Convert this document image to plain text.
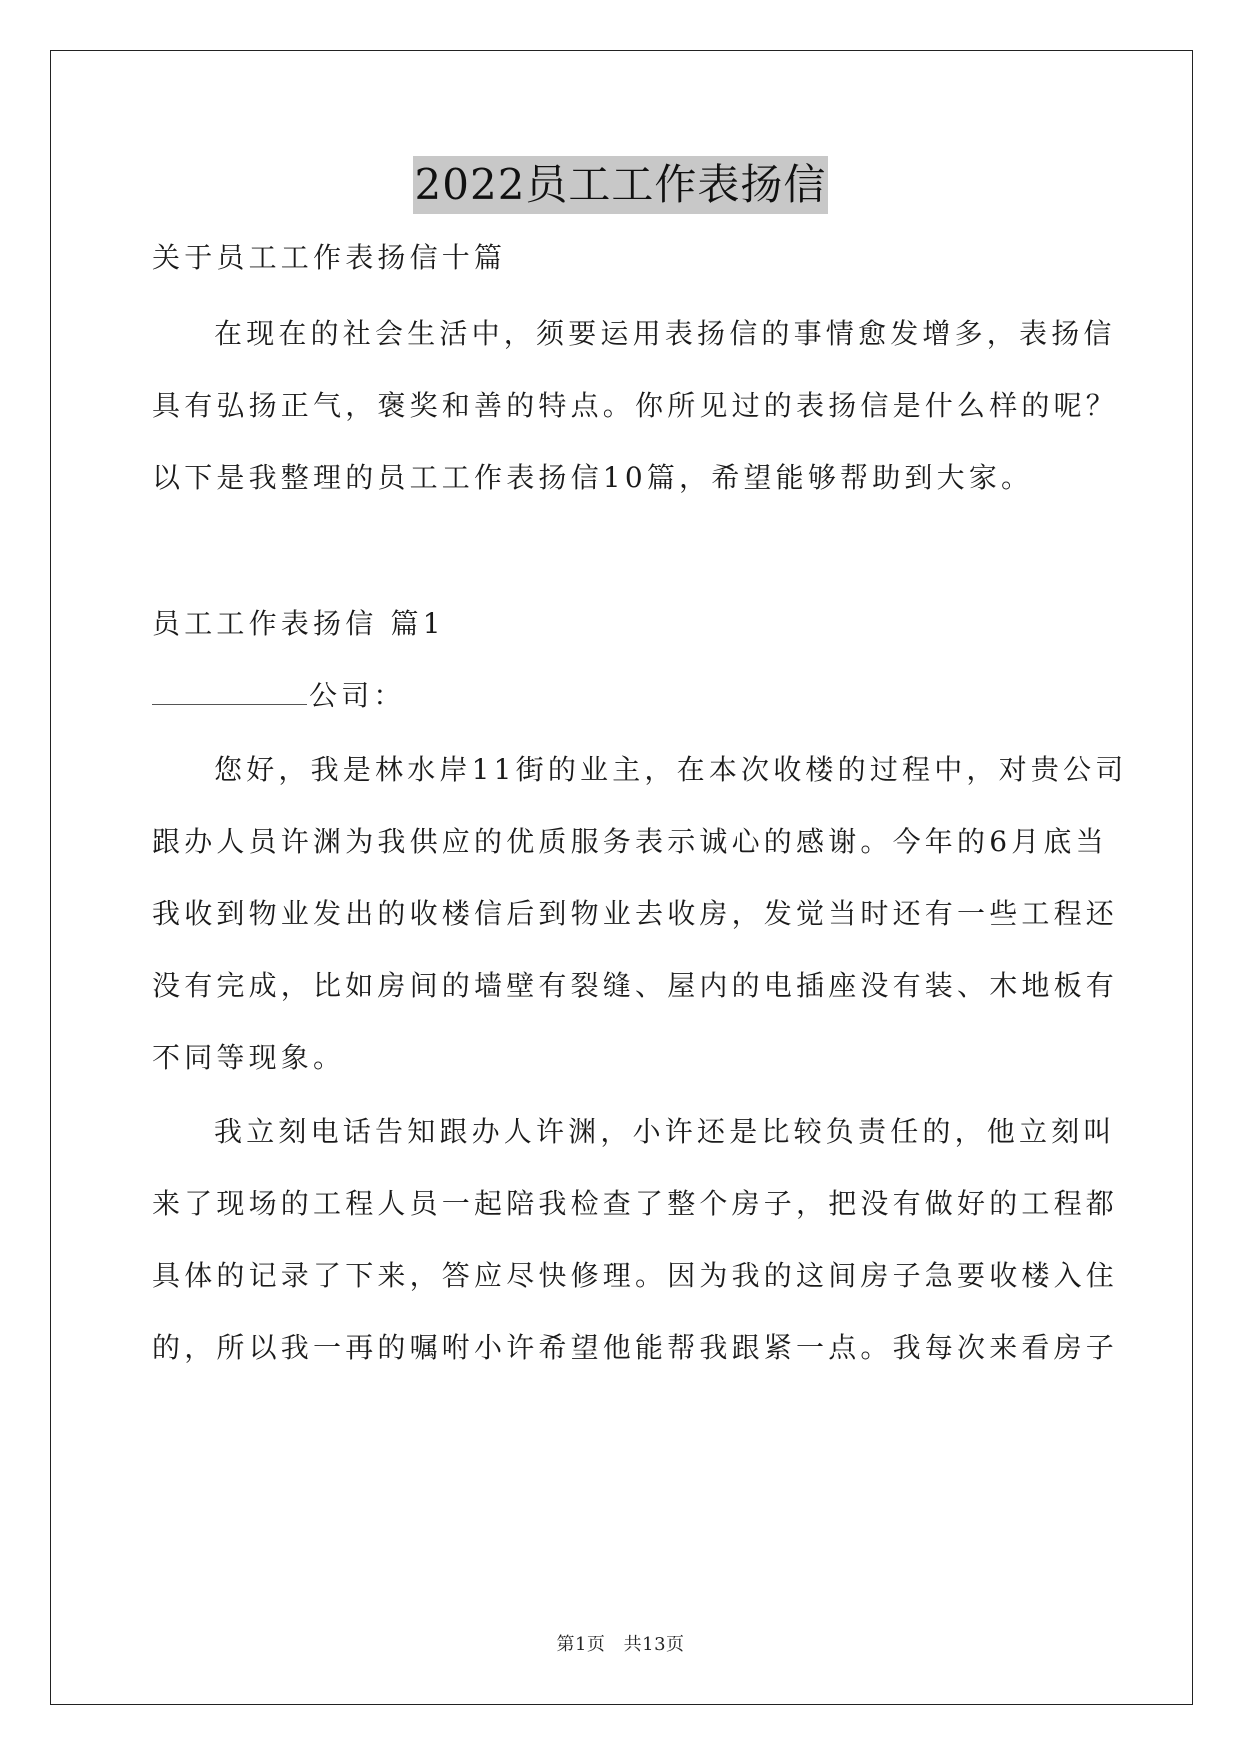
2022员工工作表扬信
关于员工工作表扬信十篇
在现在的社会生活中，须要运用表扬信的事情愈发增多，表扬信
具有弘扬正气，褒奖和善的特点。你所见过的表扬信是什么样的呢？
以下是我整理的员工工作表扬信10篇，希望能够帮助到大家。
员工工作表扬信 篇1
公司：
您好，我是林水岸11街的业主，在本次收楼的过程中，对贵公司
跟办人员许渊为我供应的优质服务表示诚心的感谢。今年的6月底当
我收到物业发出的收楼信后到物业去收房，发觉当时还有一些工程还
没有完成，比如房间的墙壁有裂缝、屋内的电插座没有装、木地板有
不同等现象。
我立刻电话告知跟办人许渊，小许还是比较负责任的，他立刻叫
来了现场的工程人员一起陪我检查了整个房子，把没有做好的工程都
具体的记录了下来，答应尽快修理。因为我的这间房子急要收楼入住
的，所以我一再的嘱咐小许希望他能帮我跟紧一点。我每次来看房子
第1页 共13页
